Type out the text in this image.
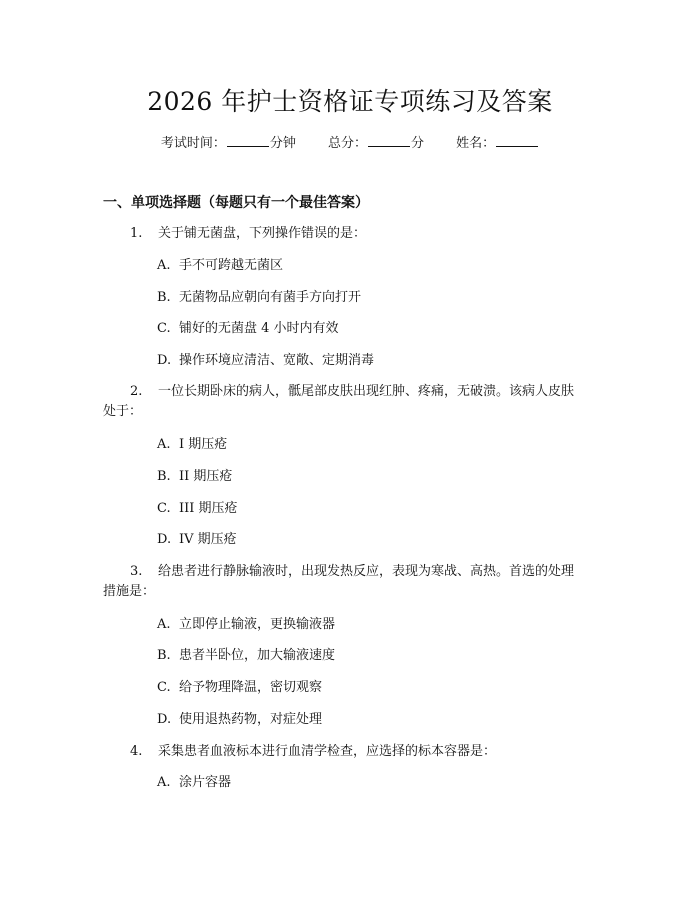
2026 年护士资格证专项练习及答案
考试时间：	分钟 总分：	分 姓名：
一、单项选择题（每题只有一个最佳答案）
1. 关于铺无菌盘，下列操作错误的是：
A. 手不可跨越无菌区
B. 无菌物品应朝向有菌手方向打开
C. 铺好的无菌盘 4 小时内有效
D. 操作环境应清洁、宽敞、定期消毒
2. 一位长期卧床的病人，骶尾部皮肤出现红肿、疼痛，无破溃。该病人皮肤
处于：
A. I 期压疮
B. II 期压疮
C. III 期压疮
D. IV 期压疮
3. 给患者进行静脉输液时，出现发热反应，表现为寒战、高热。首选的处理
措施是：
A. 立即停止输液，更换输液器
B. 患者半卧位，加大输液速度
C. 给予物理降温，密切观察
D. 使用退热药物，对症处理
4. 采集患者血液标本进行血清学检查，应选择的标本容器是：
A. 涂片容器
